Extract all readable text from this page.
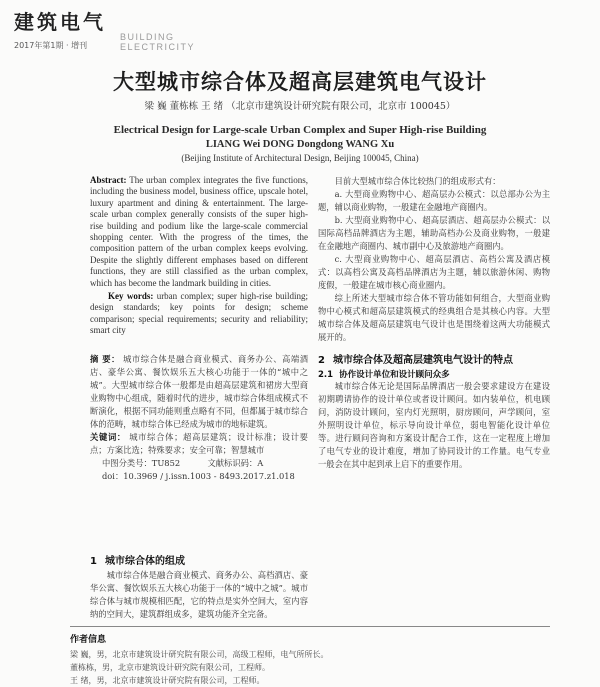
建筑电气
BUILDING
ELECTRICITY
2017年第1期 · 增刊
大型城市综合体及超高层建筑电气设计
梁 巍 董栋栋 王 绪 （北京市建筑设计研究院有限公司，北京市 100045）
Electrical Design for Large-scale Urban Complex and Super High-rise Building
LIANG Wei DONG Dongdong WANG Xu
(Beijing Institute of Architectural Design, Beijing 100045, China)
Abstract: The urban complex integrates the five functions, including the business model, business office, upscale hotel, luxury apartment and dining & entertainment. The large-scale urban complex generally consists of the super high-rise building and podium like the large-scale commercial shopping center. With the progress of the times, the composition pattern of the urban complex keeps evolving. Despite the slightly different emphases based on different functions, they are still classified as the urban complex, which has become the landmark building in cities.
Key words: urban complex; super high-rise building; design standards; key points for design; scheme comparison; special requirements; security and reliability; smart city
摘 要： 城市综合体是融合商业模式、商务办公、高端酒店、豪华公寓、餐饮娱乐五大核心功能于一体的“城中之城”。大型城市综合体一般都是由超高层建筑和裙房大型商业购物中心组成，随着时代的进步，城市综合体组成模式不断演化，根据不同功能则重点略有不同，但都属于城市综合体的范畴，城市综合体已经成为城市的地标建筑。
关键词： 城市综合体；超高层建筑；设计标准；设计要点；方案比选；特殊要求；安全可靠；智慧城市
中图分类号：TU852	文献标识码：A
doi：10.3969 / j.issn.1003 - 8493.2017.z1.018
1 城市综合体的组成
城市综合体是融合商业模式、商务办公、高档酒店、豪华公寓、餐饮娱乐五大核心功能于一体的“城中之城”。城市综合体与城市规模相匹配，它的特点是实外空间大，室内容纳的空间大，建筑群组成多，建筑功能齐全完备。
目前大型城市综合体比较热门的组成形式有：
a. 大型商业购物中心、超高层办公模式：以总部办公为主题，辅以商业购物，一般建在金融地产商圈内。
b. 大型商业购物中心、超高层酒店、超高层办公模式：以国际高档品牌酒店为主题，辅助高档办公及商业购物，一般建在金融地产商圈内、城市副中心及旅游地产商圈内。
c. 大型商业购物中心、超高层酒店、高档公寓及酒店模式：以高档公寓及高档品牌酒店为主题，辅以旅游休闲、购物度假，一般建在城市核心商业圈内。
综上所述大型城市综合体不管功能如何组合，大型商业购物中心模式和超高层建筑模式的经典组合是其核心内容。大型城市综合体及超高层建筑电气设计也是围绕着这两大功能模式展开的。
2 城市综合体及超高层建筑电气设计的特点
2.1 协作设计单位和设计顾问众多
城市综合体无论是国际品牌酒店一般会要求建设方在建设初期聘请协作的设计单位或者设计顾问。如内装单位，机电顾问，消防设计顾问，室内灯光照明，厨房顾问，声学顾问，室外照明设计单位，标示导向设计单位，弱电智能化设计单位等。进行顾问咨询和方案设计配合工作，这在一定程度上增加了电气专业的设计难度，增加了协同设计的工作量。电气专业一般会在其中起到承上启下的重要作用。
作者信息
梁 巍，男，北京市建筑设计研究院有限公司，高级工程师，电气所所长。
董栋栋，男，北京市建筑设计研究院有限公司，工程师。
王 绪，男，北京市建筑设计研究院有限公司，工程师。
